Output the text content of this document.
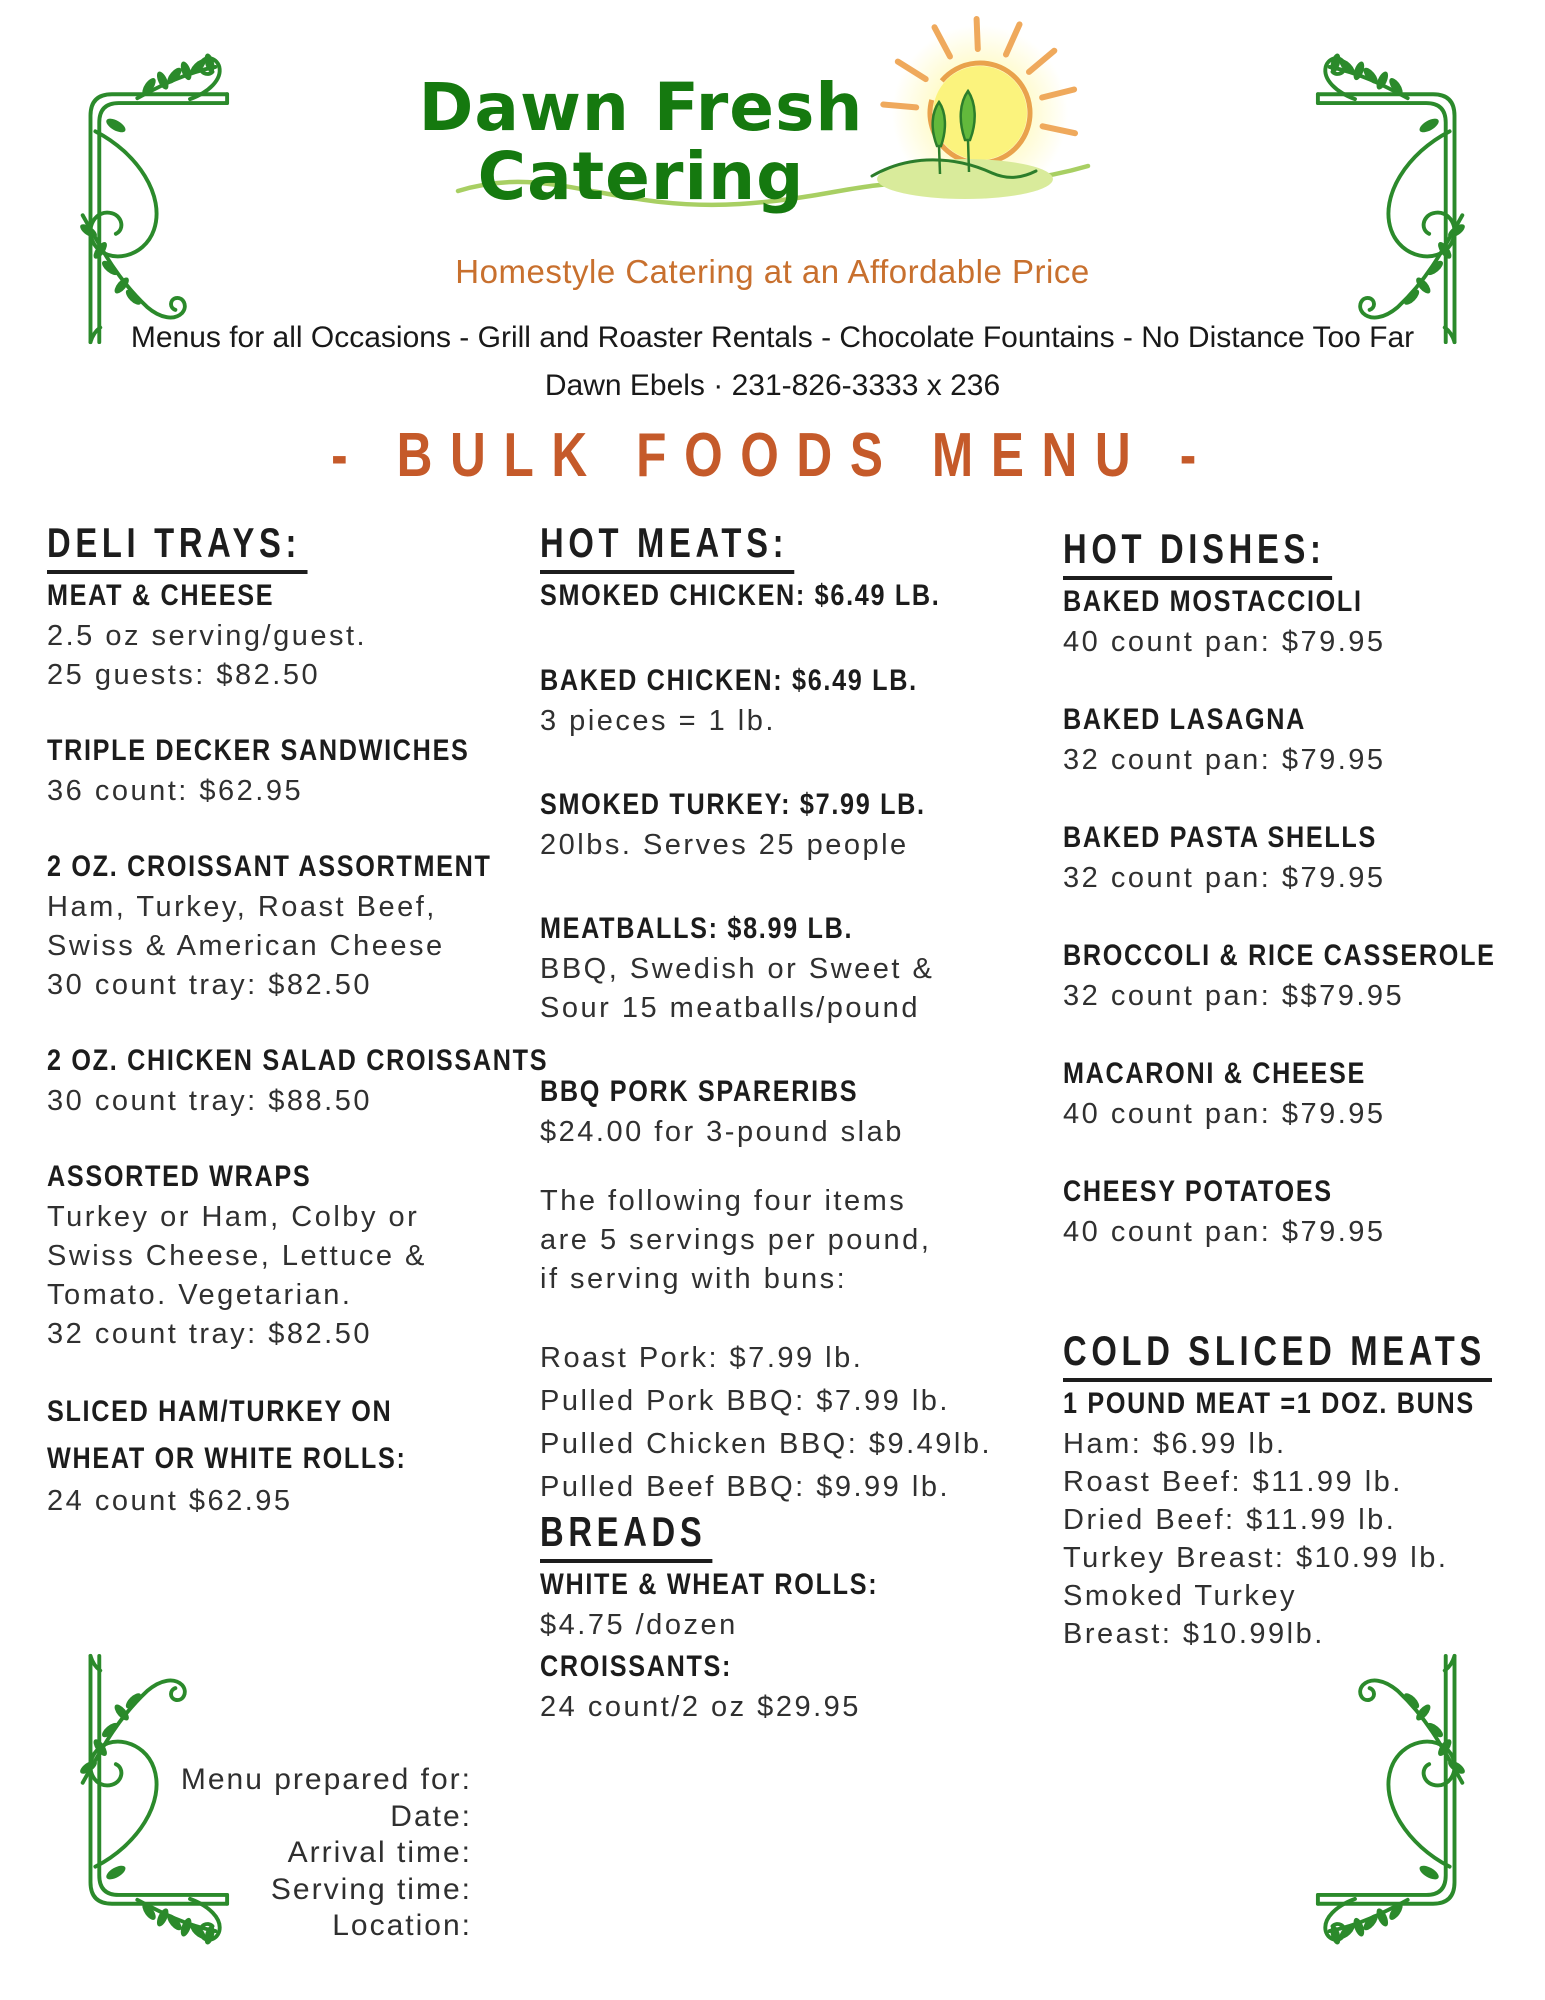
Dawn Fresh
Catering
Homestyle Catering at an Affordable Price
Menus for all Occasions - Grill and Roaster Rentals - Chocolate Fountains - No Distance Too Far
Dawn Ebels · 231-826-3333 x 236
- BULK FOODS MENU -
DELI TRAYS:
MEAT & CHEESE
2.5 oz serving/guest.
25 guests: $82.50
TRIPLE DECKER SANDWICHES
36 count: $62.95
2 OZ. CROISSANT ASSORTMENT
Ham, Turkey, Roast Beef,
Swiss & American Cheese
30 count tray: $82.50
2 OZ. CHICKEN SALAD CROISSANTS
30 count tray: $88.50
ASSORTED WRAPS
Turkey or Ham, Colby or
Swiss Cheese, Lettuce &
Tomato. Vegetarian.
32 count tray: $82.50
SLICED HAM/TURKEY ON
WHEAT OR WHITE ROLLS:
24 count $62.95
HOT MEATS:
SMOKED CHICKEN: $6.49 LB.
BAKED CHICKEN: $6.49 LB.
3 pieces = 1 lb.
SMOKED TURKEY: $7.99 LB.
20lbs. Serves 25 people
MEATBALLS: $8.99 LB.
BBQ, Swedish or Sweet &
Sour 15 meatballs/pound
BBQ PORK SPARERIBS
$24.00 for 3-pound slab
The following four items
are 5 servings per pound,
if serving with buns:
Roast Pork: $7.99 lb.
Pulled Pork BBQ: $7.99 lb.
Pulled Chicken BBQ: $9.49lb.
Pulled Beef BBQ: $9.99 lb.
BREADS
WHITE & WHEAT ROLLS:
$4.75 /dozen
CROISSANTS:
24 count/2 oz $29.95
HOT DISHES:
BAKED MOSTACCIOLI
40 count pan: $79.95
BAKED LASAGNA
32 count pan: $79.95
BAKED PASTA SHELLS
32 count pan: $79.95
BROCCOLI & RICE CASSEROLE
32 count pan: $$79.95
MACARONI & CHEESE
40 count pan: $79.95
CHEESY POTATOES
40 count pan: $79.95
COLD SLICED MEATS
1 POUND MEAT =1 DOZ. BUNS
Ham: $6.99 lb.
Roast Beef: $11.99 lb.
Dried Beef: $11.99 lb.
Turkey Breast: $10.99 lb.
Smoked Turkey
Breast: $10.99lb.
Menu prepared for:
Date:
Arrival time:
Serving time:
Location:
